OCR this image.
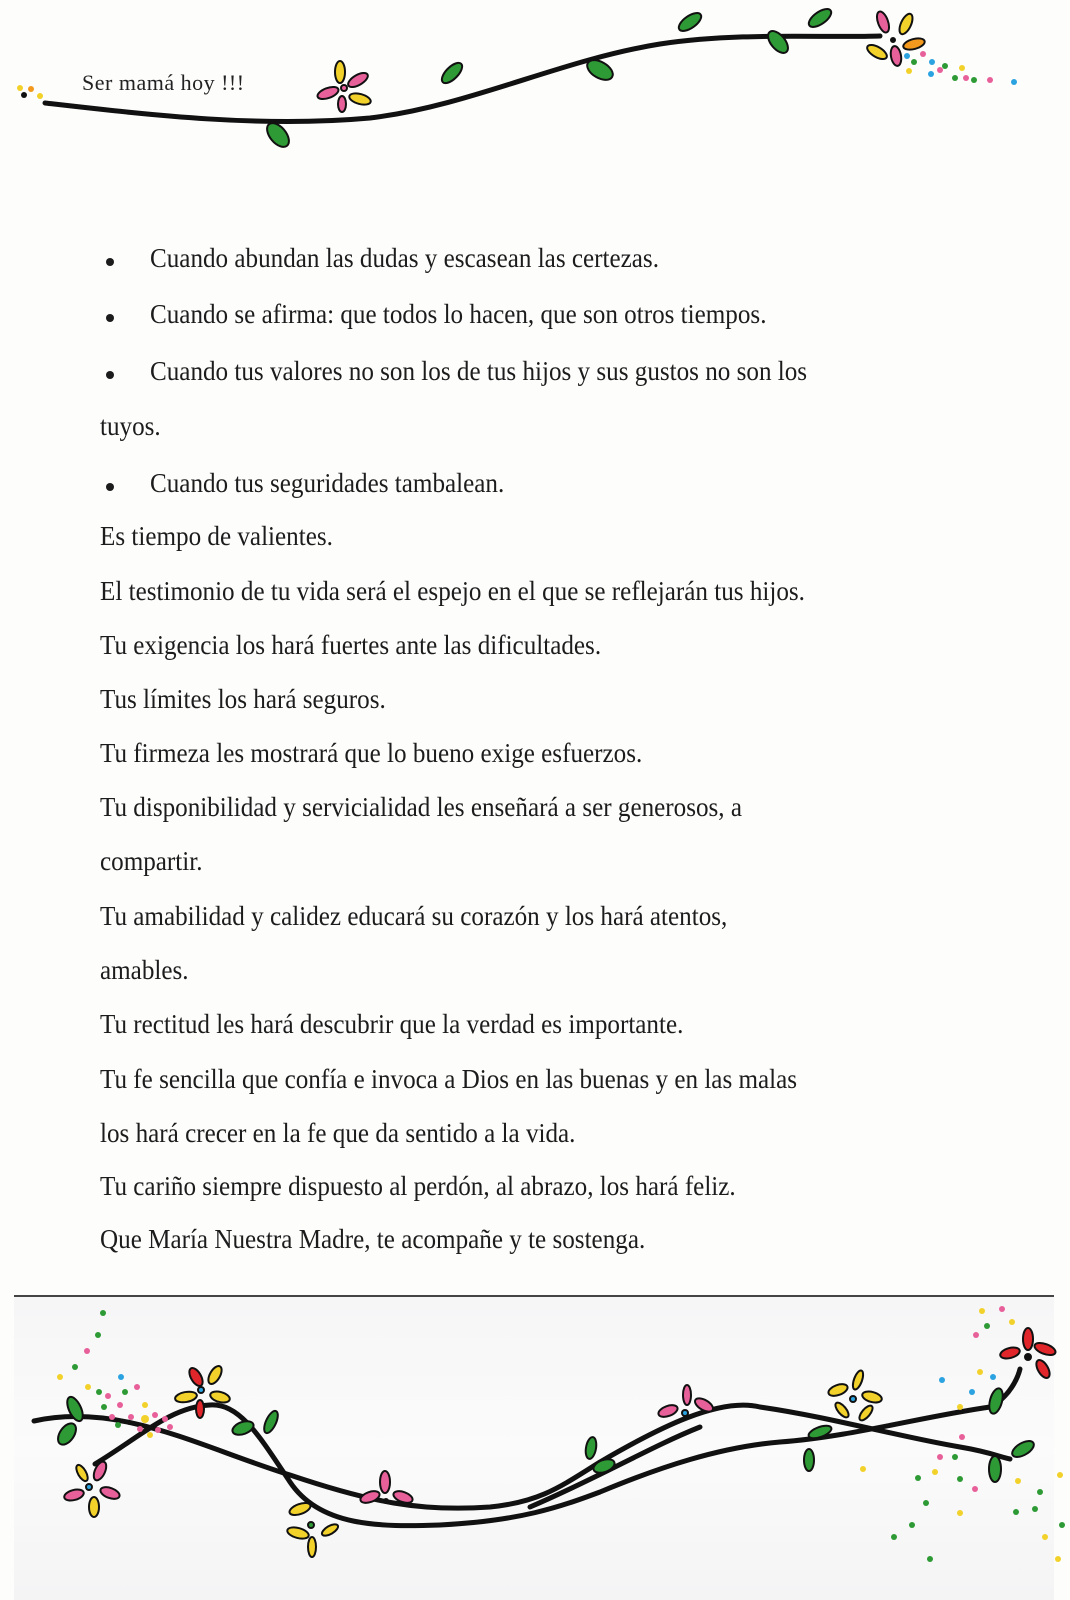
Ser mamá hoy !!!
Cuando abundan las dudas y escasean las certezas.
Cuando se afirma: que todos lo hacen, que son otros tiempos.
Cuando tus valores no son los de tus hijos y sus gustos no son los
tuyos.
Cuando tus seguridades tambalean.
Es tiempo de valientes.
El testimonio de tu vida será el espejo en el que se reflejarán tus hijos.
Tu exigencia los hará fuertes ante las dificultades.
Tus límites los hará seguros.
Tu firmeza les mostrará que lo bueno exige esfuerzos.
Tu disponibilidad y servicialidad les enseñará a ser generosos, a
compartir.
Tu amabilidad y calidez educará su corazón y los hará atentos,
amables.
Tu rectitud les hará descubrir que la verdad es importante.
Tu fe sencilla que confía e invoca a Dios en las buenas y en las malas
los hará crecer en la fe que da sentido a la vida.
Tu cariño siempre dispuesto al perdón, al abrazo, los hará feliz.
Que María Nuestra Madre, te acompañe y te sostenga.
